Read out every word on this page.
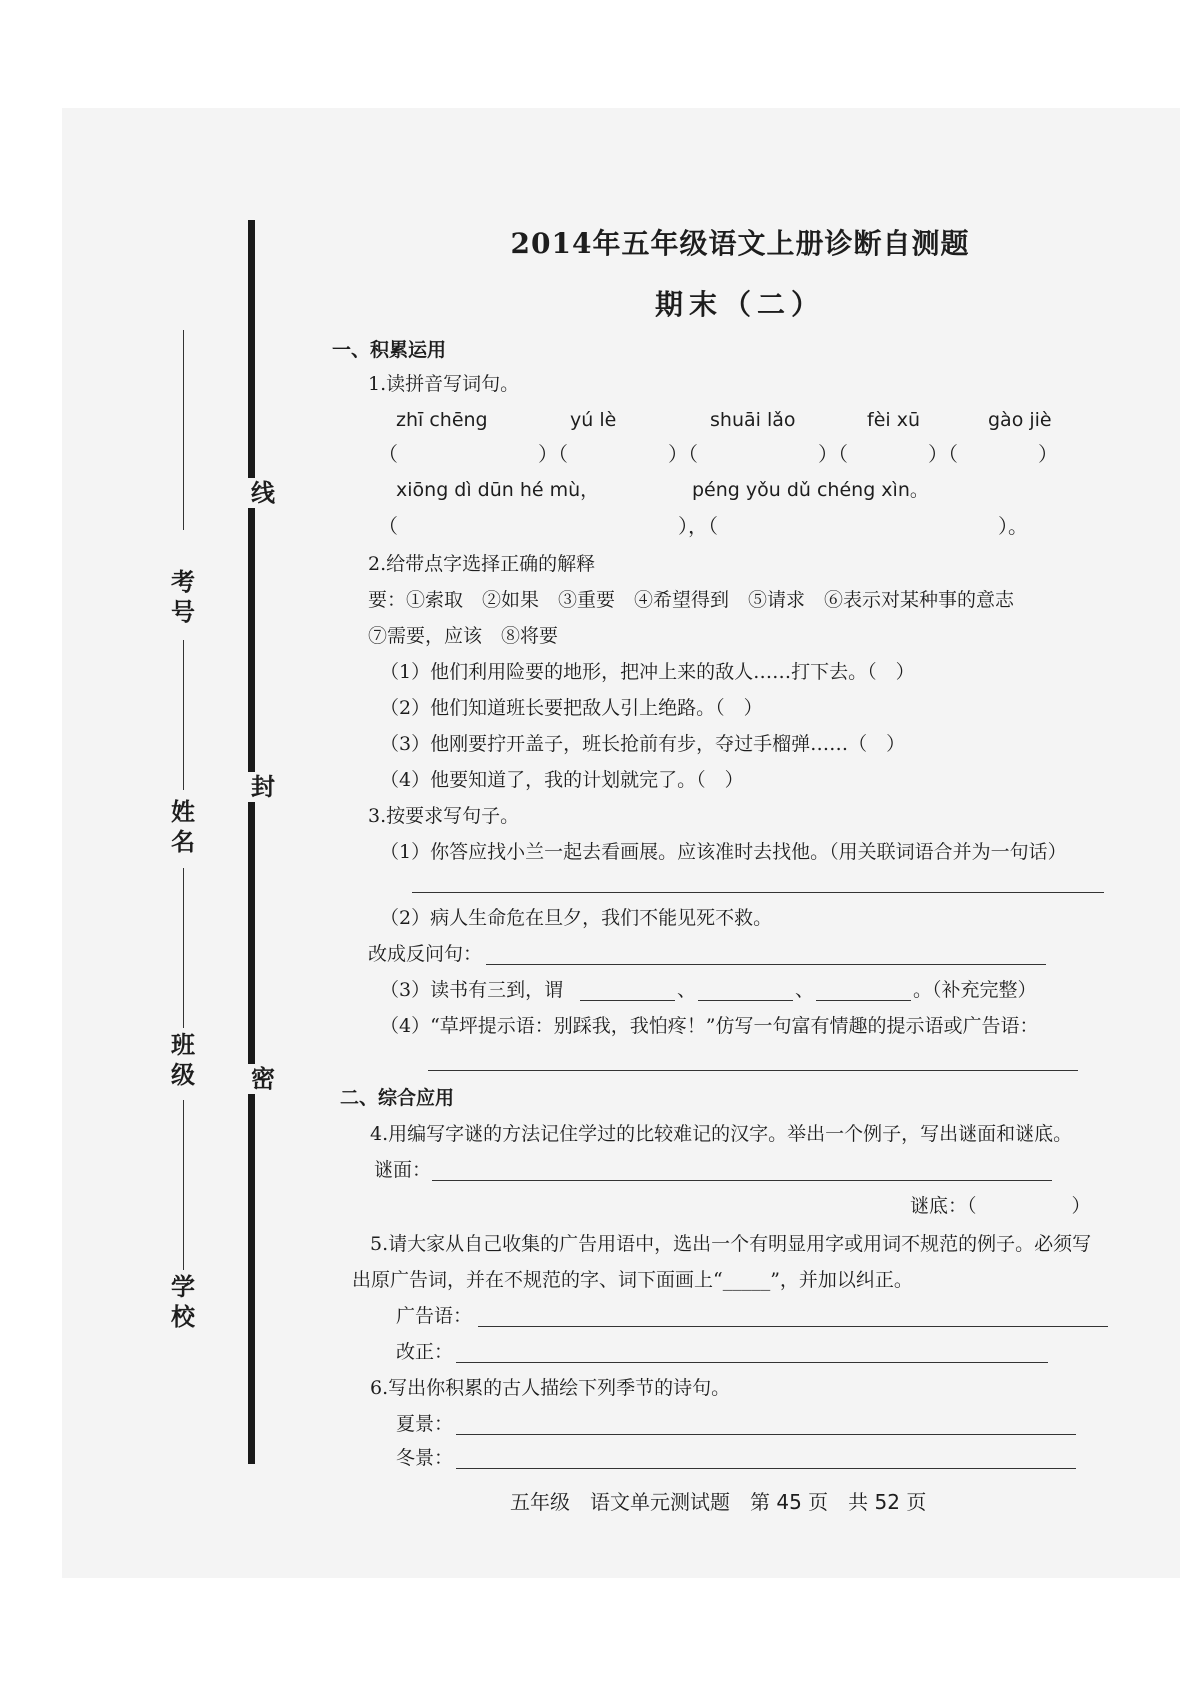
线
封
密
考号
姓名
班级
学校
2014年五年级语文上册诊断自测题
期末（二）
一、积累运用
1.读拼音写词句。
zhī chēng	yú lè	shuāi lǎo	fèi xū	gào jiè
（　　　　　　　）（　　　　　）（　　　　　　）（　　　　）（　　　　）
xiōng dì dūn hé mù，	péng yǒu dǔ chéng xìn。
（　　　　　　　　　　　　　　），（　　　　　　　　　　　　　　）。
2.给带点字选择正确的解释
要：①索取　②如果　③重要　④希望得到　⑤请求　⑥表示对某种事的意志
⑦需要，应该　⑧将要
（1）他们利用险要的地形，把冲上来的敌人……打下去。（　）
（2）他们知道班长要把敌人引上绝路。（　）
（3）他刚要拧开盖子，班长抢前有步，夺过手榴弹……（　）
（4）他要知道了，我的计划就完了。（　）
3.按要求写句子。
（1）你答应找小兰一起去看画展。应该准时去找他。（用关联词语合并为一句话）
（2）病人生命危在旦夕，我们不能见死不救。
改成反问句：
（3）读书有三到，谓	、	、	。（补充完整）
（4）“草坪提示语：别踩我，我怕疼！”仿写一句富有情趣的提示语或广告语：
二、综合应用
4.用编写字谜的方法记住学过的比较难记的汉字。举出一个例子，写出谜面和谜底。
谜面：
谜底：（　　　　　）
5.请大家从自己收集的广告用语中，选出一个有明显用字或用词不规范的例子。必须写
出原广告词，并在不规范的字、词下面画上“_____”，并加以纠正。
广告语：
改正：
6.写出你积累的古人描绘下列季节的诗句。
夏景：
冬景：
五年级　语文单元测试题　第 45 页　共 52 页
